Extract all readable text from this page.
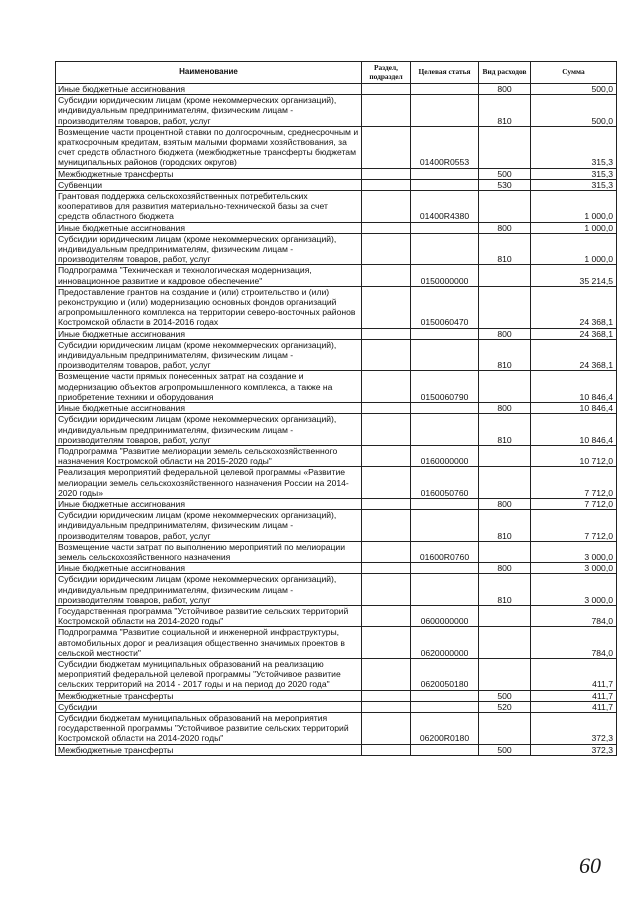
Наименование	Раздел, подраздел	Целевая статья	Вид расходов	Сумма
Иные бюджетные ассигнования			800	500,0
Субсидии юридическим лицам (кроме некоммерческих организаций), индивидуальным предпринимателям, физическим лицам - производителям товаров, работ, услуг			810	500,0
Возмещение части процентной ставки по долгосрочным, среднесрочным и краткосрочным кредитам, взятым малыми формами хозяйствования, за счет средств областного бюджета (межбюджетные трансферты бюджетам муниципальных районов (городских округов)		01400R0553		315,3
Межбюджетные трансферты			500	315,3
Субвенции			530	315,3
Грантовая поддержка сельскохозяйственных потребительских кооперативов для развития материально-технической базы за счет средств областного бюджета		01400R4380		1 000,0
Иные бюджетные ассигнования			800	1 000,0
Субсидии юридическим лицам (кроме некоммерческих организаций), индивидуальным предпринимателям, физическим лицам - производителям товаров, работ, услуг			810	1 000,0
Подпрограмма "Техническая и технологическая модернизация, инновационное развитие и кадровое обеспечение"		0150000000		35 214,5
Предоставление грантов на создание и (или) строительство и (или) реконструкцию и (или) модернизацию основных фондов организаций агропромышленного комплекса на территории северо-восточных районов Костромской области в 2014-2016 годах		0150060470		24 368,1
Иные бюджетные ассигнования			800	24 368,1
Субсидии юридическим лицам (кроме некоммерческих организаций), индивидуальным предпринимателям, физическим лицам - производителям товаров, работ, услуг			810	24 368,1
Возмещение части прямых понесенных затрат на создание и модернизацию объектов агропромышленного комплекса, а также на приобретение техники и оборудования		0150060790		10 846,4
Иные бюджетные ассигнования			800	10 846,4
Субсидии юридическим лицам (кроме некоммерческих организаций), индивидуальным предпринимателям, физическим лицам - производителям товаров, работ, услуг			810	10 846,4
Подпрограмма "Развитие мелиорации земель сельскохозяйственного назначения Костромской области на 2015-2020 годы"		0160000000		10 712,0
Реализация мероприятий федеральной целевой программы «Развитие мелиорации земель сельскохозяйственного назначения России на 2014-2020 годы»		0160050760		7 712,0
Иные бюджетные ассигнования			800	7 712,0
Субсидии юридическим лицам (кроме некоммерческих организаций), индивидуальным предпринимателям, физическим лицам - производителям товаров, работ, услуг			810	7 712,0
Возмещение части затрат по выполнению мероприятий по мелиорации земель сельскохозяйственного назначения		01600R0760		3 000,0
Иные бюджетные ассигнования			800	3 000,0
Субсидии юридическим лицам (кроме некоммерческих организаций), индивидуальным предпринимателям, физическим лицам - производителям товаров, работ, услуг			810	3 000,0
Государственная программа "Устойчивое развитие сельских территорий Костромской области на 2014-2020 годы"		0600000000		784,0
Подпрограмма "Развитие социальной и инженерной инфраструктуры, автомобильных дорог и реализация общественно значимых проектов в сельской местности"		0620000000		784,0
Субсидии бюджетам муниципальных образований на реализацию мероприятий федеральной целевой программы "Устойчивое развитие сельских территорий на 2014 - 2017 годы и на период до 2020 года"		0620050180		411,7
Межбюджетные трансферты			500	411,7
Субсидии			520	411,7
Субсидии бюджетам муниципальных образований на мероприятия государственной программы "Устойчивое развитие сельских территорий Костромской области на 2014-2020 годы"		06200R0180		372,3
Межбюджетные трансферты			500	372,3
60
